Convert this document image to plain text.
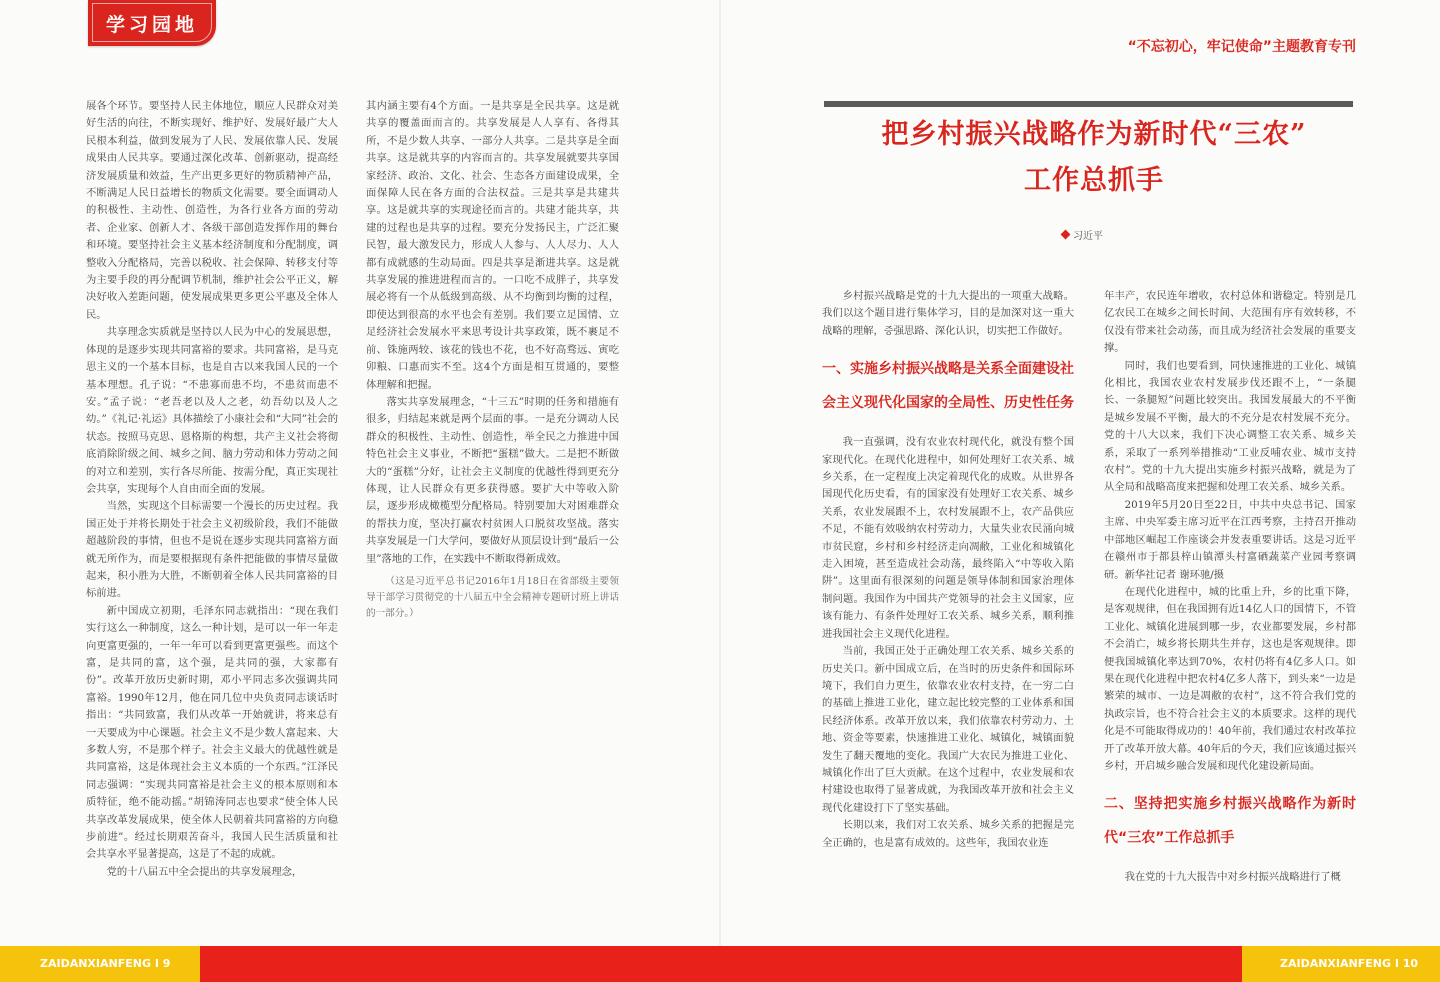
学习园地
“不忘初心，牢记使命”主题教育专刊

展各个环节。要坚持人民主体地位，顺应人民群众对美好生活的向往，不断实现好、维护好、发展好最广大人民根本利益，做到发展为了人民、发展依靠人民、发展成果由人民共享。要通过深化改革、创新驱动，提高经济发展质量和效益，生产出更多更好的物质精神产品，不断满足人民日益增长的物质文化需要。要全面调动人的积极性、主动性、创造性，为各行业各方面的劳动者、企业家、创新人才、各级干部创造发挥作用的舞台和环境。要坚持社会主义基本经济制度和分配制度，调整收入分配格局，完善以税收、社会保障、转移支付等为主要手段的再分配调节机制，维护社会公平正义，解决好收入差距问题，使发展成果更多更公平惠及全体人民。

共享理念实质就是坚持以人民为中心的发展思想，体现的是逐步实现共同富裕的要求。共同富裕，是马克思主义的一个基本目标，也是自古以来我国人民的一个基本理想。孔子说：“不患寡而患不均，不患贫而患不安。”孟子说：“老吾老以及人之老，幼吾幼以及人之幼。”《礼记·礼运》具体描绘了小康社会和“大同”社会的状态。按照马克思、恩格斯的构想，共产主义社会将彻底消除阶级之间、城乡之间、脑力劳动和体力劳动之间的对立和差别，实行各尽所能、按需分配，真正实现社会共享，实现每个人自由而全面的发展。

当然，实现这个目标需要一个漫长的历史过程。我国正处于并将长期处于社会主义初级阶段，我们不能做超越阶段的事情，但也不是说在逐步实现共同富裕方面就无所作为，而是要根据现有条件把能做的事情尽量做起来，积小胜为大胜，不断朝着全体人民共同富裕的目标前进。

新中国成立初期，毛泽东同志就指出：“现在我们实行这么一种制度，这么一种计划，是可以一年一年走向更富更强的，一年一年可以看到更富更强些。而这个富，是共同的富，这个强，是共同的强，大家都有份”。改革开放历史新时期，邓小平同志多次强调共同富裕。1990年12月，他在同几位中央负责同志谈话时指出：“共同致富，我们从改革一开始就讲，将来总有一天要成为中心课题。社会主义不是少数人富起来、大多数人穷，不是那个样子。社会主义最大的优越性就是共同富裕，这是体现社会主义本质的一个东西。”江泽民同志强调：“实现共同富裕是社会主义的根本原则和本质特征，绝不能动摇。”胡锦涛同志也要求“使全体人民共享改革发展成果，使全体人民朝着共同富裕的方向稳步前进”。经过长期艰苦奋斗，我国人民生活质量和社会共享水平显著提高，这是了不起的成就。

党的十八届五中全会提出的共享发展理念，

其内涵主要有4个方面。一是共享是全民共享。这是就共享的覆盖面而言的。共享发展是人人享有、各得其所，不是少数人共享、一部分人共享。二是共享是全面共享。这是就共享的内容而言的。共享发展就要共享国家经济、政治、文化、社会、生态各方面建设成果，全面保障人民在各方面的合法权益。三是共享是共建共享。这是就共享的实现途径而言的。共建才能共享，共建的过程也是共享的过程。要充分发扬民主，广泛汇聚民智，最大激发民力，形成人人参与、人人尽力、人人都有成就感的生动局面。四是共享是渐进共享。这是就共享发展的推进进程而言的。一口吃不成胖子，共享发展必将有一个从低级到高级、从不均衡到均衡的过程，即使达到很高的水平也会有差别。我们要立足国情、立足经济社会发展水平来思考设计共享政策，既不裹足不前、铢施两较、该花的钱也不花，也不好高骛远、寅吃卯粮、口惠而实不至。这4个方面是相互贯通的，要整体理解和把握。

落实共享发展理念，“十三五”时期的任务和措施有很多，归结起来就是两个层面的事。一是充分调动人民群众的积极性、主动性、创造性，举全民之力推进中国特色社会主义事业，不断把“蛋糕”做大。二是把不断做大的“蛋糕”分好，让社会主义制度的优越性得到更充分体现，让人民群众有更多获得感。要扩大中等收入阶层，逐步形成橄榄型分配格局。特别要加大对困难群众的帮扶力度，坚决打赢农村贫困人口脱贫攻坚战。落实共享发展是一门大学问，要做好从顶层设计到“最后一公里”落地的工作，在实践中不断取得新成效。

（这是习近平总书记2016年1月18日在省部级主要领导干部学习贯彻党的十八届五中全会精神专题研讨班上讲话的一部分。）

把乡村振兴战略作为新时代“三农”
工作总抓手
习近平

乡村振兴战略是党的十九大提出的一项重大战略。我们以这个题目进行集体学习，目的是加深对这一重大战略的理解，증强思路、深化认识，切实把工作做好。

一、实施乡村振兴战略是关系全面建设社会主义现代化国家的全局性、历史性任务

我一直强调，没有农业农村现代化，就没有整个国家现代化。在现代化进程中，如何处理好工农关系、城乡关系，在一定程度上决定着现代化的成败。从世界各国现代化历史看，有的国家没有处理好工农关系、城乡关系，农业发展跟不上，农村发展跟不上，农产品供应不足，不能有效吸纳农村劳动力，大量失业农民涌向城市贫民窟，乡村和乡村经济走向凋敝，工业化和城镇化走入困境，甚至造成社会动荡，最终陷入“中等收入陷阱”。这里面有很深刻的问题是领导体制和国家治理体制问题。我国作为中国共产党领导的社会主义国家，应该有能力、有条件处理好工农关系、城乡关系，顺利推进我国社会主义现代化进程。

当前，我国正处于正确处理工农关系、城乡关系的历史关口。新中国成立后，在当时的历史条件和国际环境下，我们自力更生，依靠农业农村支持，在一穷二白的基础上推进工业化，建立起比较完整的工业体系和国民经济体系。改革开放以来，我们依靠农村劳动力、土地、资金等要素，快速推进工业化、城镇化，城镇面貌发生了翻天覆地的变化。我国广大农民为推进工业化、城镇化作出了巨大贡献。在这个过程中，农业发展和农村建设也取得了显著成就，为我国改革开放和社会主义现代化建设打下了坚实基础。

长期以来，我们对工农关系、城乡关系的把握是完全正确的，也是富有成效的。这些年，我国农业连

年丰产，农民连年增收，农村总体和谐稳定。特别是几亿农民工在城乡之间长时间、大范围有序有效转移，不仅没有带来社会动荡，而且成为经济社会发展的重要支撑。

同时，我们也要看到，同快速推进的工业化、城镇化相比，我国农业农村发展步伐还跟不上，“一条腿长、一条腿短”问题比较突出。我国发展最大的不平衡是城乡发展不平衡，最大的不充分是农村发展不充分。党的十八大以来，我们下决心调整工农关系、城乡关系，采取了一系列举措推动“工业反哺农业、城市支持农村”。党的十九大提出实施乡村振兴战略，就是为了从全局和战略高度来把握和处理工农关系、城乡关系。

2019年5月20日至22日，中共中央总书记、国家主席、中央军委主席习近平在江西考察，主持召开推动中部地区崛起工作座谈会并发表重要讲话。这是习近平在赣州市于都县梓山镇潭头村富硒蔬菜产业园考察调研。新华社记者 谢环驰/摄

在现代化进程中，城的比重上升，乡的比重下降，是客观规律，但在我国拥有近14亿人口的国情下，不管工业化、城镇化进展到哪一步，农业都要发展，乡村都不会消亡，城乡将长期共生并存，这也是客观规律。即便我国城镇化率达到70%，农村仍将有4亿多人口。如果在现代化进程中把农村4亿多人落下，到头来“一边是繁荣的城市、一边是凋敝的农村”，这不符合我们党的执政宗旨，也不符合社会主义的本质要求。这样的现代化是不可能取得成功的！40年前，我们通过农村改革拉开了改革开放大幕。40年后的今天，我们应该通过振兴乡村，开启城乡融合发展和现代化建设新局面。

二、坚持把实施乡村振兴战略作为新时代“三农”工作总抓手

我在党的十九大报告中对乡村振兴战略进行了概

ZAIDANXIANFENG I 9	ZAIDANXIANFENG I 10
